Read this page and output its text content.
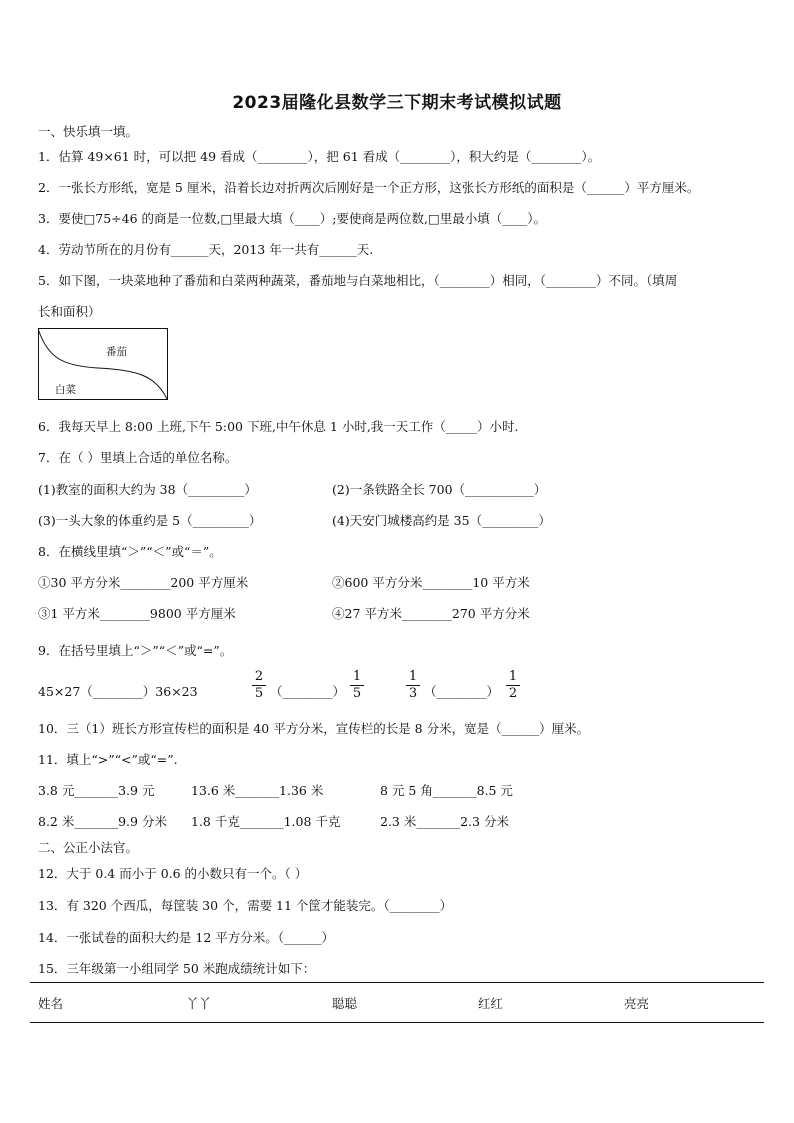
2023届隆化县数学三下期末考试模拟试题
一、快乐填一填。
1．估算 49×61 时，可以把 49 看成（________），把 61 看成（________），积大约是（________）。
2．一张长方形纸，宽是 5 厘米，沿着长边对折两次后刚好是一个正方形，这张长方形纸的面积是（______）平方厘米。
3．要使□75÷46 的商是一位数,□里最大填（____）;要使商是两位数,□里最小填（____）。
4．劳动节所在的月份有______天，2013 年一共有______天.
5．如下图，一块菜地种了番茄和白菜两种蔬菜，番茄地与白菜地相比，（________）相同，（________）不同。（填周
长和面积）
番茄
白菜
6．我每天早上 8:00 上班,下午 5:00 下班,中午休息 1 小时,我一天工作（_____）小时.
7．在（ ）里填上合适的单位名称。
(1)教室的面积大约为 38（_________）	(2)一条铁路全长 700（___________）
(3)一头大象的体重约是 5（_________）	(4)天安门城楼高约是 35（_________）
8．在横线里填“＞”“＜”或“＝”。
①30 平方分米________200 平方厘米	②600 平方分米________10 平方米
③1 平方米________9800 平方厘米	④27 平方米________270 平方分米
9．在括号里填上“＞”“＜”或“=”。
45×27（________）36×23	$\frac{2}{5}$ （________） $\frac{1}{5}$	$\frac{1}{3}$ （________） $\frac{1}{2}$
10．三（1）班长方形宣传栏的面积是 40 平方分米，宣传栏的长是 8 分米，宽是（______）厘米。
11．填上“>”“<”或“=”.
3.8 元_______3.9 元	13.6 米_______1.36 米	8 元 5 角_______8.5 元
8.2 米_______9.9 分米 1.8 千克_______1.08 千克	2.3 米_______2.3 分米
二、公正小法官。
12．大于 0.4 而小于 0.6 的小数只有一个。（ ）
13．有 320 个西瓜，每筐装 30 个，需要 11 个筐才能装完。（________）
14．一张试卷的面积大约是 12 平方分米。（______）
15．三年级第一小组同学 50 米跑成绩统计如下：
姓名	丫丫	聪聪	红红	亮亮
